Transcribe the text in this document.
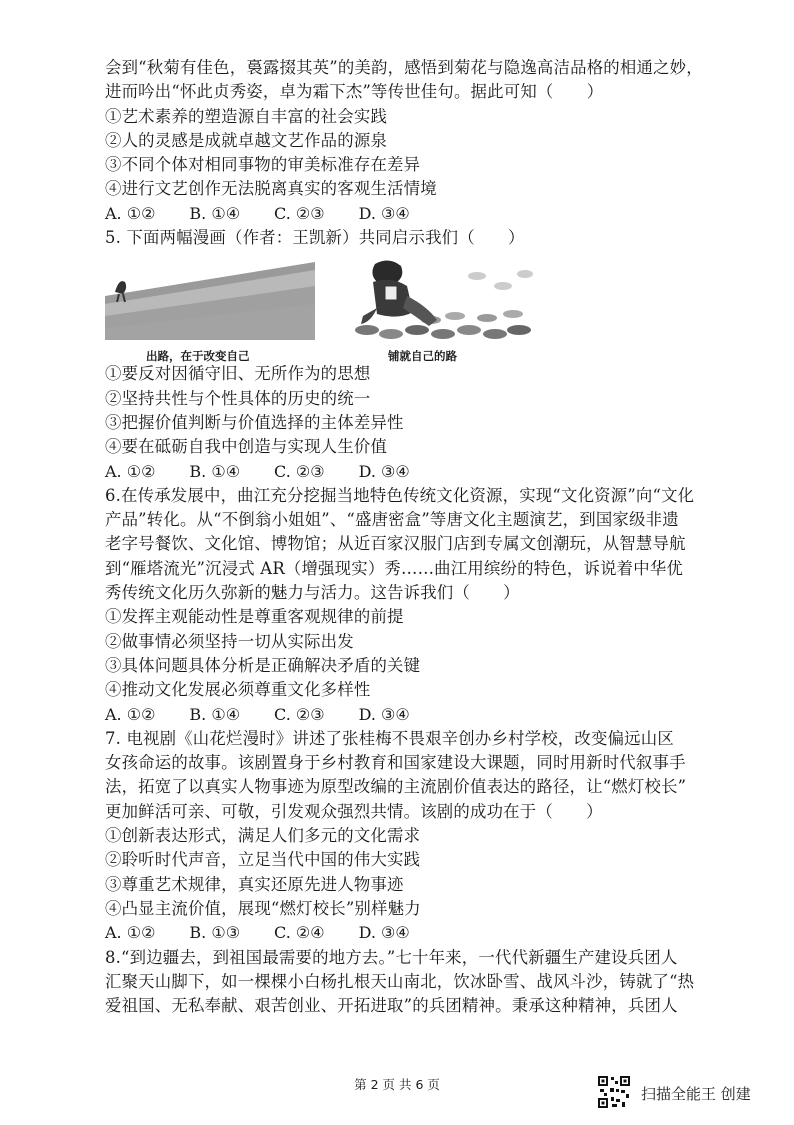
会到“秋菊有佳色，裛露掇其英”的美韵，感悟到菊花与隐逸高洁品格的相通之妙，
进而吟出“怀此贞秀姿，卓为霜下杰”等传世佳句。据此可知（　　）
①艺术素养的塑造源自丰富的社会实践
②人的灵感是成就卓越文艺作品的源泉
③不同个体对相同事物的审美标准存在差异
④进行文艺创作无法脱离真实的客观生活情境
A. ①② B. ①④ C. ②③ D. ③④
5. 下面两幅漫画（作者：王凯新）共同启示我们（　　）
出路，在于改变自己	铺就自己的路
①要反对因循守旧、无所作为的思想
②坚持共性与个性具体的历史的统一
③把握价值判断与价值选择的主体差异性
④要在砥砺自我中创造与实现人生价值
A. ①② B. ①④ C. ②③ D. ③④
6.在传承发展中，曲江充分挖掘当地特色传统文化资源，实现“文化资源”向“文化
产品”转化。从“不倒翁小姐姐”、“盛唐密盒”等唐文化主题演艺，到国家级非遗
老字号餐饮、文化馆、博物馆；从近百家汉服门店到专属文创潮玩，从智慧导航
到“雁塔流光”沉浸式 AR（增强现实）秀……曲江用缤纷的特色，诉说着中华优
秀传统文化历久弥新的魅力与活力。这告诉我们（　　）
①发挥主观能动性是尊重客观规律的前提
②做事情必须坚持一切从实际出发
③具体问题具体分析是正确解决矛盾的关键
④推动文化发展必须尊重文化多样性
A. ①② B. ①④ C. ②③ D. ③④
7. 电视剧《山花烂漫时》讲述了张桂梅不畏艰辛创办乡村学校，改变偏远山区
女孩命运的故事。该剧置身于乡村教育和国家建设大课题，同时用新时代叙事手
法，拓宽了以真实人物事迹为原型改编的主流剧价值表达的路径，让“燃灯校长”
更加鲜活可亲、可敬，引发观众强烈共情。该剧的成功在于（　　）
①创新表达形式，满足人们多元的文化需求
②聆听时代声音，立足当代中国的伟大实践
③尊重艺术规律，真实还原先进人物事迹
④凸显主流价值，展现“燃灯校长”别样魅力
A. ①② B. ①③ C. ②④ D. ③④
8.“到边疆去，到祖国最需要的地方去。”七十年来，一代代新疆生产建设兵团人
汇聚天山脚下，如一棵棵小白杨扎根天山南北，饮冰卧雪、战风斗沙，铸就了“热
爱祖国、无私奉献、艰苦创业、开拓进取”的兵团精神。秉承这种精神，兵团人
第 2 页 共 6 页
扫描全能王 创建
